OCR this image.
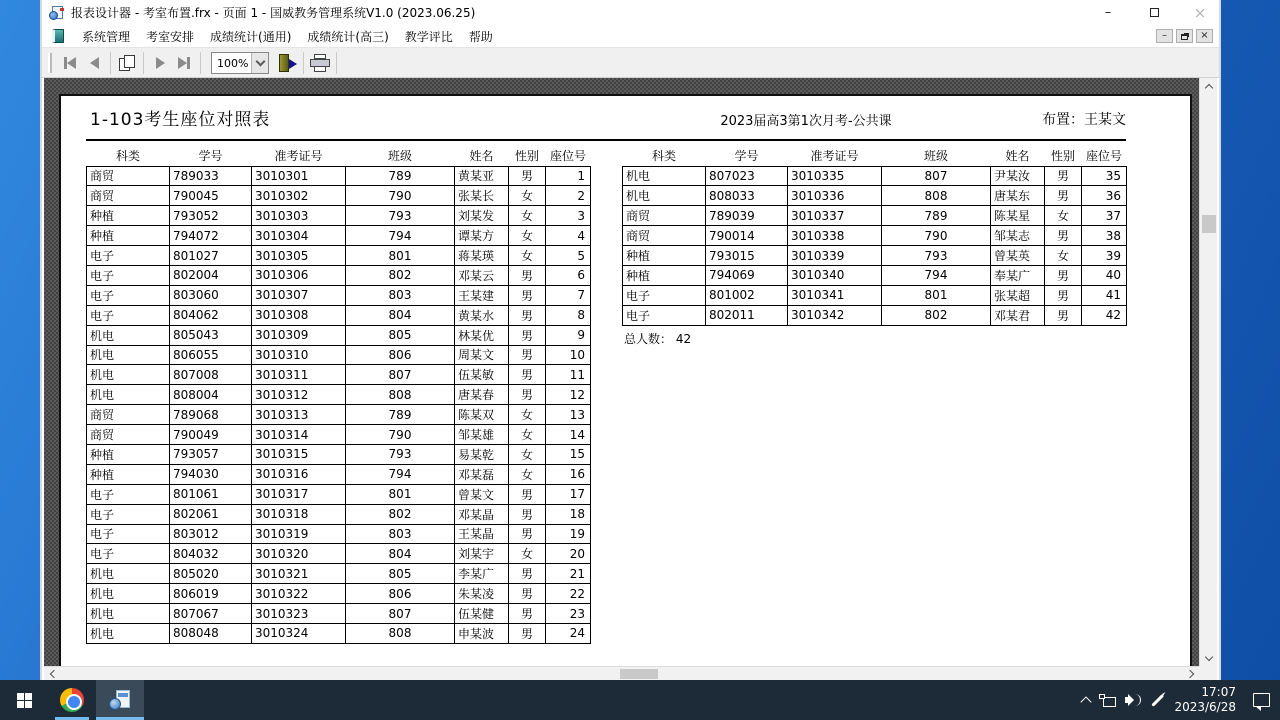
报表设计器 - 考室布置.frx - 页面 1 - 国威教务管理系统V1.0 (2023.06.25)	–	×
系统管理	考室安排	成绩统计(通用)	成绩统计(高三)	教学评比	帮助	–	×
100%
1-103考生座位对照表	2023届高3第1次月考-公共课	布置：王某文
科类	学号	准考证号	班级	姓名	性别	座位号
商贸	789033	3010301	789	黄某亚	男	1
商贸	790045	3010302	790	张某长	女	2
种植	793052	3010303	793	刘某发	女	3
种植	794072	3010304	794	谭某方	女	4
电子	801027	3010305	801	蒋某瑛	女	5
电子	802004	3010306	802	邓某云	男	6
电子	803060	3010307	803	王某建	男	7
电子	804062	3010308	804	黄某水	男	8
机电	805043	3010309	805	林某优	男	9
机电	806055	3010310	806	周某文	男	10
机电	807008	3010311	807	伍某敏	男	11
机电	808004	3010312	808	唐某春	男	12
商贸	789068	3010313	789	陈某双	女	13
商贸	790049	3010314	790	邹某雄	女	14
种植	793057	3010315	793	易某乾	女	15
种植	794030	3010316	794	邓某磊	女	16
电子	801061	3010317	801	曾某文	男	17
电子	802061	3010318	802	邓某晶	男	18
电子	803012	3010319	803	王某晶	男	19
电子	804032	3010320	804	刘某宇	女	20
机电	805020	3010321	805	李某广	男	21
机电	806019	3010322	806	朱某凌	男	22
机电	807067	3010323	807	伍某健	男	23
机电	808048	3010324	808	申某波	男	24
科类	学号	准考证号	班级	姓名	性别	座位号
机电	807023	3010335	807	尹某汝	男	35
机电	808033	3010336	808	唐某东	男	36
商贸	789039	3010337	789	陈某星	女	37
商贸	790014	3010338	790	邹某志	男	38
种植	793015	3010339	793	曾某英	女	39
种植	794069	3010340	794	奉某广	男	40
电子	801002	3010341	801	张某超	男	41
电子	802011	3010342	802	邓某君	男	42
总人数： 42
17:07
2023/6/28
